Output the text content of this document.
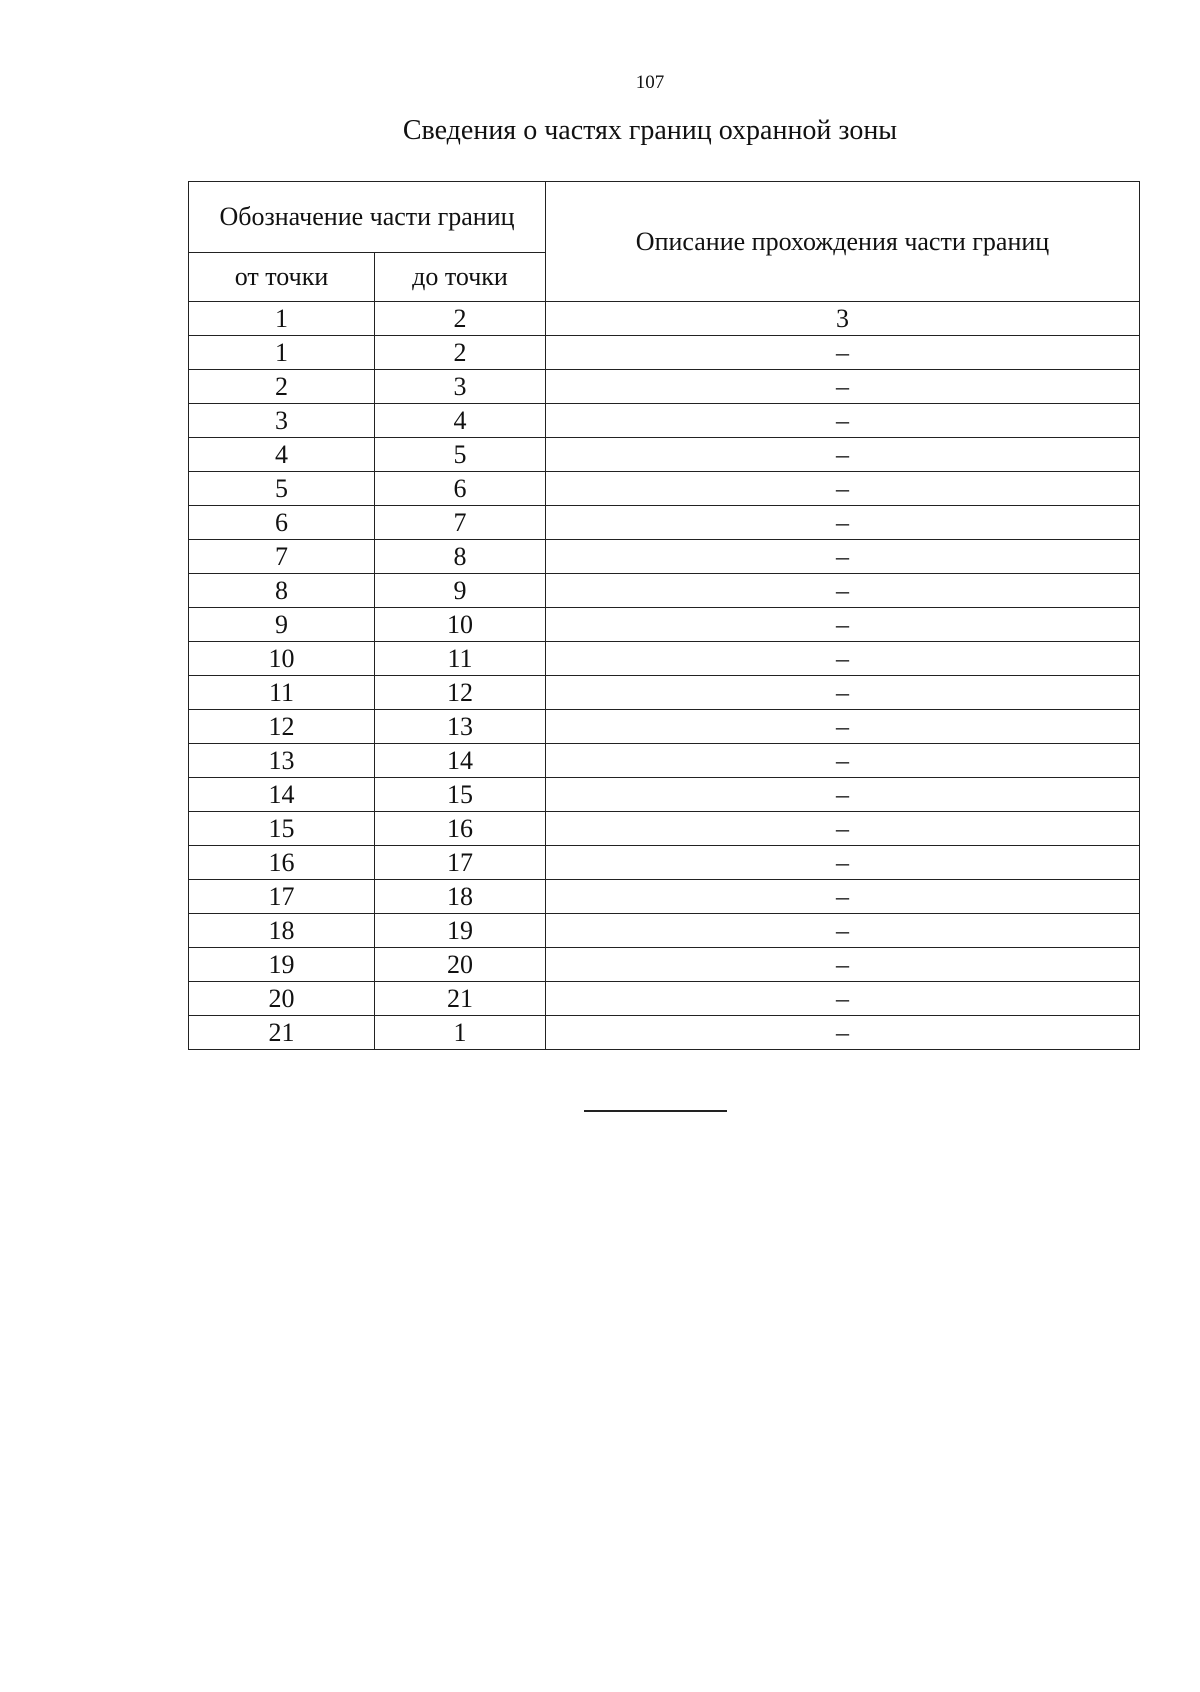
107
Сведения о частях границ охранной зоны
Обозначение части границ		Описание прохождения части границ
от точки	до точки	
1	2	3
1	2	–
2	3	–
3	4	–
4	5	–
5	6	–
6	7	–
7	8	–
8	9	–
9	10	–
10	11	–
11	12	–
12	13	–
13	14	–
14	15	–
15	16	–
16	17	–
17	18	–
18	19	–
19	20	–
20	21	–
21	1	–
